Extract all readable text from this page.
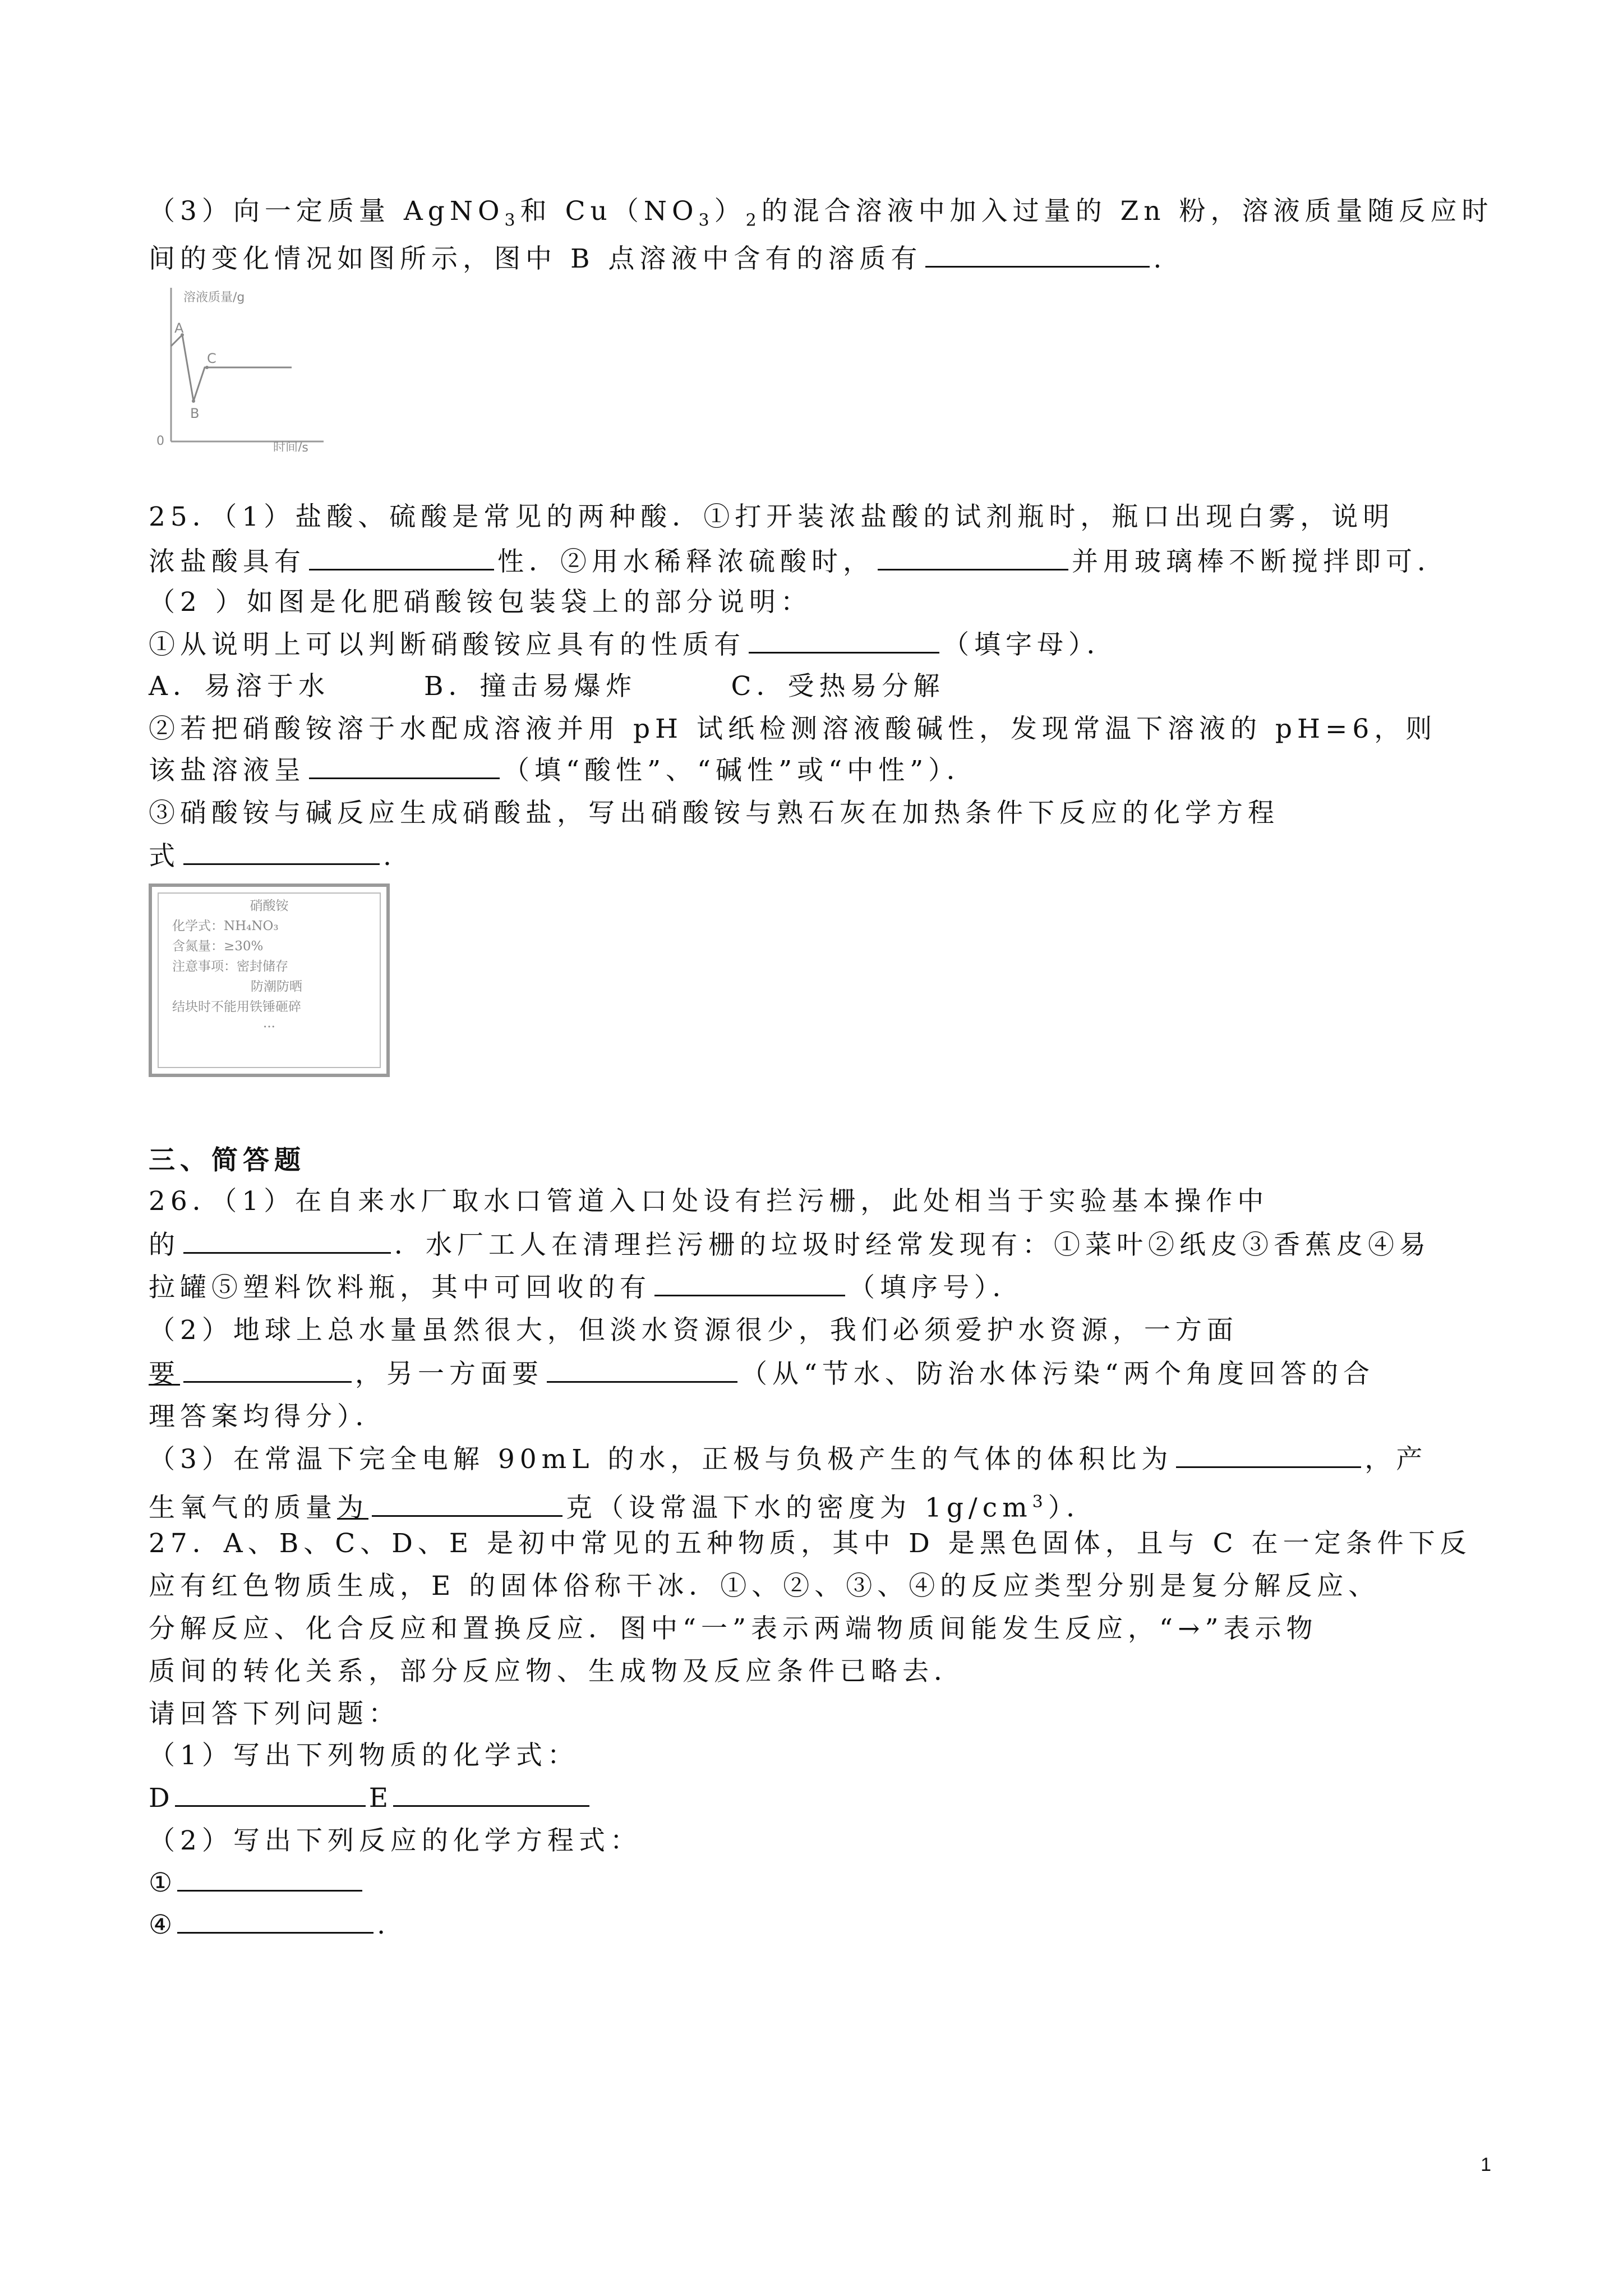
（3）向一定质量 AgNO$_3$和 $Cu(NO_3)_2$的混合溶液中加入过量的 Zn 粉，溶液质量随反应时
间的变化情况如图所示，图中 B 点溶液中含有的溶质有	.
溶液质量/g
A
B
C
0	时间/s
25．（1）盐酸、硫酸是常见的两种酸．①打开装浓盐酸的试剂瓶时，瓶口出现白雾，说明
浓盐酸具有	性．②用水稀释浓硫酸时，	并用玻璃棒不断搅拌即可．
（2 ）如图是化肥硝酸铵包装袋上的部分说明：
①从说明上可以判断硝酸铵应具有的性质有	（填字母）．
A．易溶于水　　　B．撞击易爆炸　　　C．受热易分解
②若把硝酸铵溶于水配成溶液并用 pH 试纸检测溶液酸碱性，发现常温下溶液的 pH=6，则
该盐溶液呈	（填“酸性”、“碱性”或“中性”）．
③硝酸铵与碱反应生成硝酸盐，写出硝酸铵与熟石灰在加热条件下反应的化学方程
式	.
硝酸铵
化学式：NH₄NO₃
含氮量：≥30%
注意事项：密封储存
防潮防晒
结块时不能用铁锤砸碎
···
三、简答题
26．（1）在自来水厂取水口管道入口处设有拦污栅，此处相当于实验基本操作中
的	．水厂工人在清理拦污栅的垃圾时经常发现有：①菜叶②纸皮③香蕉皮④易
拉罐⑤塑料饮料瓶，其中可回收的有	（填序号）．
（2）地球上总水量虽然很大，但淡水资源很少，我们必须爱护水资源，一方面
要	，另一方面要	（从“节水、防治水体污染“两个角度回答的合
理答案均得分）．
（3）在常温下完全电解 90mL 的水，正极与负极产生的气体的体积比为	，产
生氧气的质量为	克（设常温下水的密度为 $1g/cm^3$）．
27．A、B、C、D、E 是初中常见的五种物质，其中 D 是黑色固体，且与 C 在一定条件下反
应有红色物质生成，E 的固体俗称干冰．①、②、③、④的反应类型分别是复分解反应、
分解反应、化合反应和置换反应．图中“一”表示两端物质间能发生反应，“→”表示物
质间的转化关系，部分反应物、生成物及反应条件已略去．
请回答下列问题：
（1）写出下列物质的化学式：
D	E
（2）写出下列反应的化学方程式：
①
④	.
1
